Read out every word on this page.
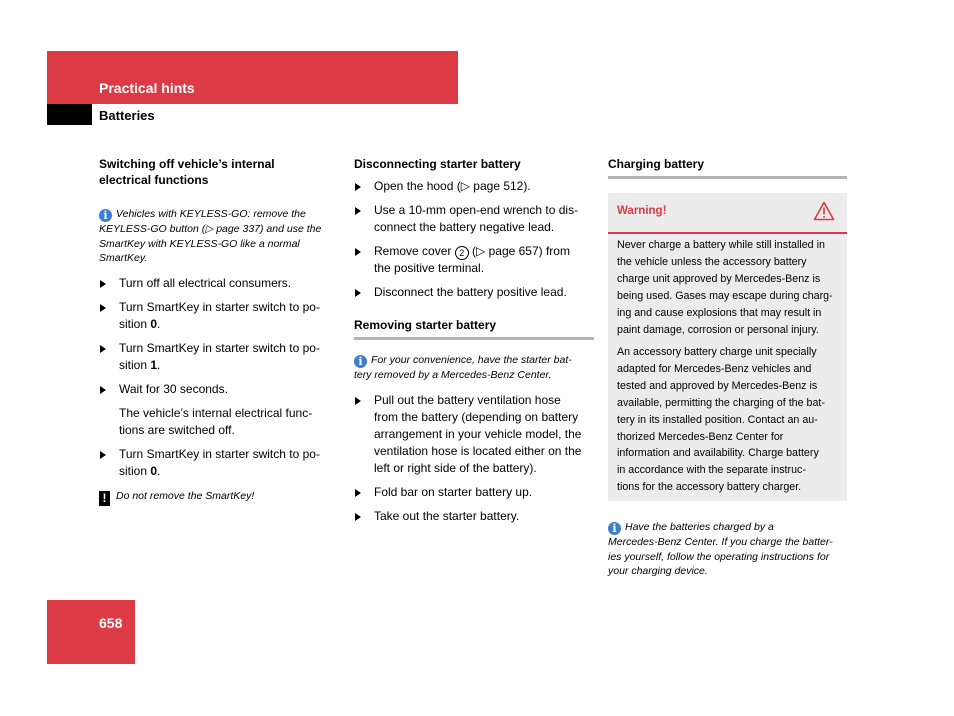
Practical hints
Batteries

Switching off vehicle’s internal
electrical functions

i Vehicles with KEYLESS-GO: remove the
KEYLESS-GO button (▷ page 337) and use the
SmartKey with KEYLESS-GO like a normal
SmartKey.

Turn off all electrical consumers.

Turn SmartKey in starter switch to po-
sition 0.

Turn SmartKey in starter switch to po-
sition 1.

Wait for 30 seconds.

The vehicle’s internal electrical func-
tions are switched off.

Turn SmartKey in starter switch to po-
sition 0.

! Do not remove the SmartKey!

Disconnecting starter battery

Open the hood (▷ page 512).

Use a 10-mm open-end wrench to dis-
connect the battery negative lead.

Remove cover 2 (▷ page 657) from
the positive terminal.

Disconnect the battery positive lead.

Removing starter battery

i For your convenience, have the starter bat-
tery removed by a Mercedes-Benz Center.

Pull out the battery ventilation hose
from the battery (depending on battery
arrangement in your vehicle model, the
ventilation hose is located either on the
left or right side of the battery).

Fold bar on starter battery up.

Take out the starter battery.

Charging battery

Warning!

Never charge a battery while still installed in
the vehicle unless the accessory battery
charge unit approved by Mercedes-Benz is
being used. Gases may escape during charg-
ing and cause explosions that may result in
paint damage, corrosion or personal injury.

An accessory battery charge unit specially
adapted for Mercedes-Benz vehicles and
tested and approved by Mercedes-Benz is
available, permitting the charging of the bat-
tery in its installed position. Contact an au-
thorized Mercedes-Benz Center for
information and availability. Charge battery
in accordance with the separate instruc-
tions for the accessory battery charger.

i Have the batteries charged by a
Mercedes-Benz Center. If you charge the batter-
ies yourself, follow the operating instructions for
your charging device.

658
